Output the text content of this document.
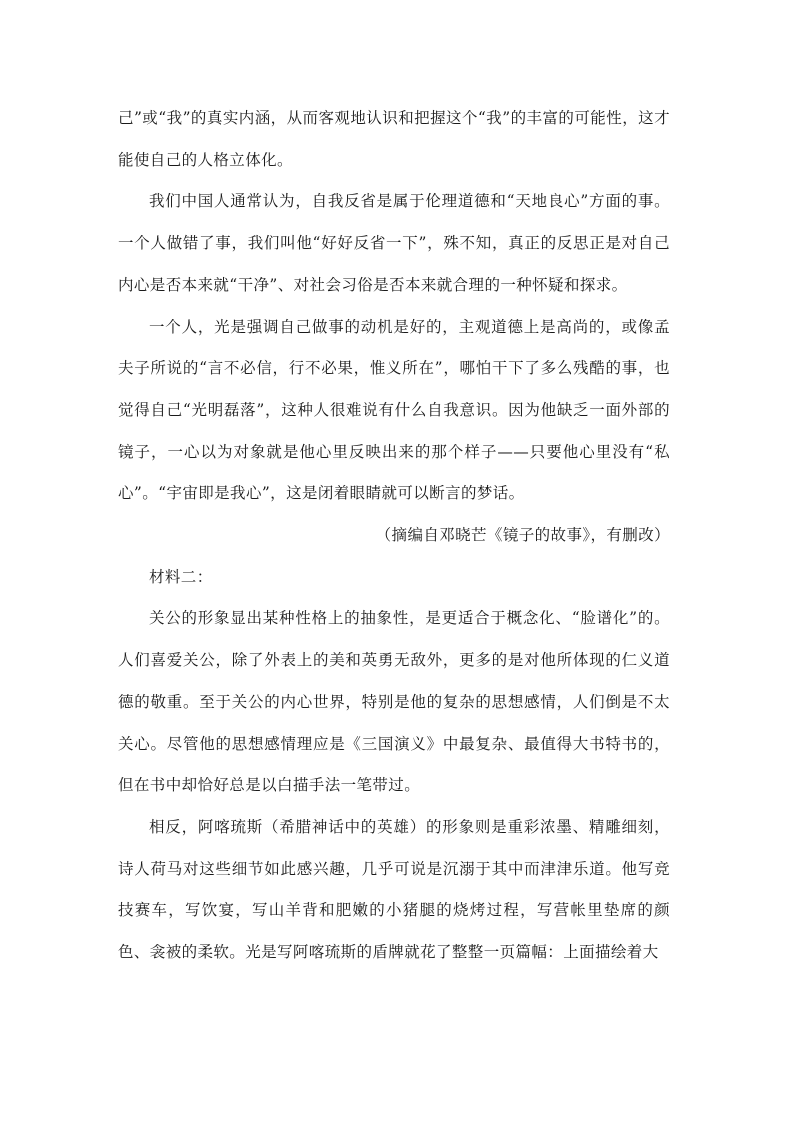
己”或“我”的真实内涵，从而客观地认识和把握这个“我”的丰富的可能性，这才能使自己的人格立体化。

我们中国人通常认为，自我反省是属于伦理道德和“天地良心”方面的事。一个人做错了事，我们叫他“好好反省一下”，殊不知，真正的反思正是对自己内心是否本来就“干净”、对社会习俗是否本来就合理的一种怀疑和探求。

一个人，光是强调自己做事的动机是好的，主观道德上是高尚的，或像孟夫子所说的“言不必信，行不必果，惟义所在”，哪怕干下了多么残酷的事，也觉得自己“光明磊落”，这种人很难说有什么自我意识。因为他缺乏一面外部的镜子，一心以为对象就是他心里反映出来的那个样子——只要他心里没有“私心”。“宇宙即是我心”，这是闭着眼睛就可以断言的梦话。

（摘编自邓晓芒《镜子的故事》，有删改）

材料二：

关公的形象显出某种性格上的抽象性，是更适合于概念化、“脸谱化”的。人们喜爱关公，除了外表上的美和英勇无敌外，更多的是对他所体现的仁义道德的敬重。至于关公的内心世界，特别是他的复杂的思想感情，人们倒是不太关心。尽管他的思想感情理应是《三国演义》中最复杂、最值得大书特书的，但在书中却恰好总是以白描手法一笔带过。

相反，阿喀琉斯（希腊神话中的英雄）的形象则是重彩浓墨、精雕细刻，诗人荷马对这些细节如此感兴趣，几乎可说是沉溺于其中而津津乐道。他写竞技赛车，写饮宴，写山羊背和肥嫩的小猪腿的烧烤过程，写营帐里垫席的颜色、衾被的柔软。光是写阿喀琉斯的盾牌就花了整整一页篇幅：上面描绘着大
